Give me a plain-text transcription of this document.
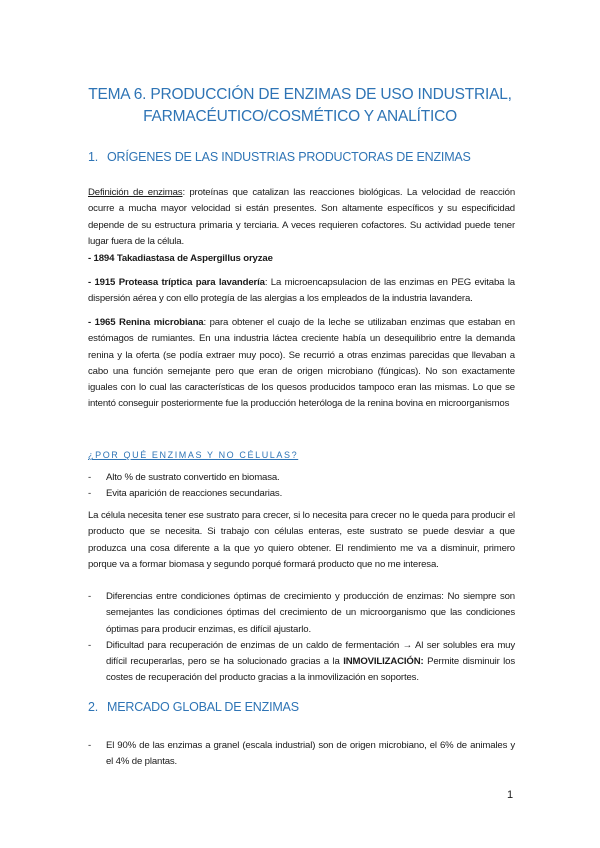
TEMA 6. PRODUCCIÓN DE ENZIMAS DE USO INDUSTRIAL,
FARMACÉUTICO/COSMÉTICO Y ANALÍTICO
1. ORÍGENES DE LAS INDUSTRIAS PRODUCTORAS DE ENZIMAS
Definición de enzimas: proteínas que catalizan las reacciones biológicas. La velocidad de reacción ocurre a mucha mayor velocidad si están presentes. Son altamente específicos y su especificidad depende de su estructura primaria y terciaria. A veces requieren cofactores. Su actividad puede tener lugar fuera de la célula.
- 1894 Takadiastasa de Aspergillus oryzae
- 1915 Proteasa tríptica para lavandería: La microencapsulacion de las enzimas en PEG evitaba la dispersión aérea y con ello protegía de las alergias a los empleados de la industria lavandera.
- 1965 Renina microbiana: para obtener el cuajo de la leche se utilizaban enzimas que estaban en estómagos de rumiantes. En una industria láctea creciente había un desequilibrio entre la demanda renina y la oferta (se podía extraer muy poco). Se recurrió a otras enzimas parecidas que llevaban a cabo una función semejante pero que eran de origen microbiano (fúngicas). No son exactamente iguales con lo cual las características de los quesos producidos tampoco eran las mismas. Lo que se intentó conseguir posteriormente fue la producción heteróloga de la renina bovina en microorganismos
¿POR QUÉ ENZIMAS Y NO CÉLULAS?
- Alto % de sustrato convertido en biomasa.
- Evita aparición de reacciones secundarias.
La célula necesita tener ese sustrato para crecer, si lo necesita para crecer no le queda para producir el producto que se necesita. Si trabajo con células enteras, este sustrato se puede desviar a que produzca una cosa diferente a la que yo quiero obtener. El rendimiento me va a disminuir, primero porque va a formar biomasa y segundo porqué formará producto que no me interesa.
- Diferencias entre condiciones óptimas de crecimiento y producción de enzimas: No siempre son semejantes las condiciones óptimas del crecimiento de un microorganismo que las condiciones óptimas para producir enzimas, es difícil ajustarlo.
- Dificultad para recuperación de enzimas de un caldo de fermentación → Al ser solubles era muy difícil recuperarlas, pero se ha solucionado gracias a la INMOVILIZACIÓN: Permite disminuir los costes de recuperación del producto gracias a la inmovilización en soportes.
2. MERCADO GLOBAL DE ENZIMAS
- El 90% de las enzimas a granel (escala industrial) son de origen microbiano, el 6% de animales y el 4% de plantas.
1
